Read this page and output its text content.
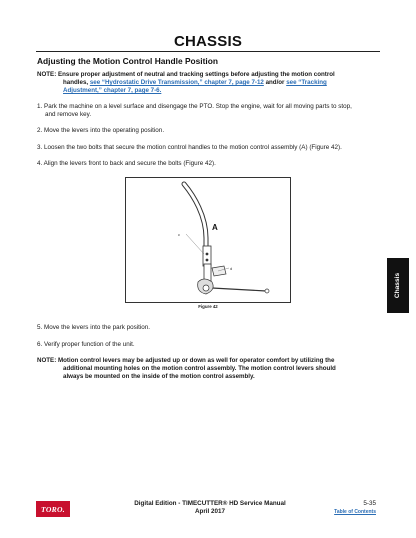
CHASSIS
Adjusting the Motion Control Handle Position
NOTE: Ensure proper adjustment of neutral and tracking settings before adjusting the motion control
handles, see “Hydrostatic Drive Transmission,” chapter 7, page 7-12 and/or see “Tracking
Adjustment,” chapter 7, page 7-6.
1. Park the machine on a level surface and disengage the PTO. Stop the engine, wait for all moving parts to stop,
and remove key.
2. Move the levers into the operating position.
3. Loosen the two bolts that secure the motion control handles to the motion control assembly (A) (Figure 42).
4. Align the levers front to back and secure the bolts (Figure 42).
c
d
A
Figure 42
5. Move the levers into the park position.
6. Verify proper function of the unit.
NOTE: Motion control levers may be adjusted up or down as well for operator comfort by utilizing the
additional mounting holes on the motion control assembly. The motion control levers should
always be mounted on the inside of the motion control assembly.
Chassis
TORO.
Digital Edition - TIMECUTTER® HD Service Manual
April 2017
5-35
Table of Contents
